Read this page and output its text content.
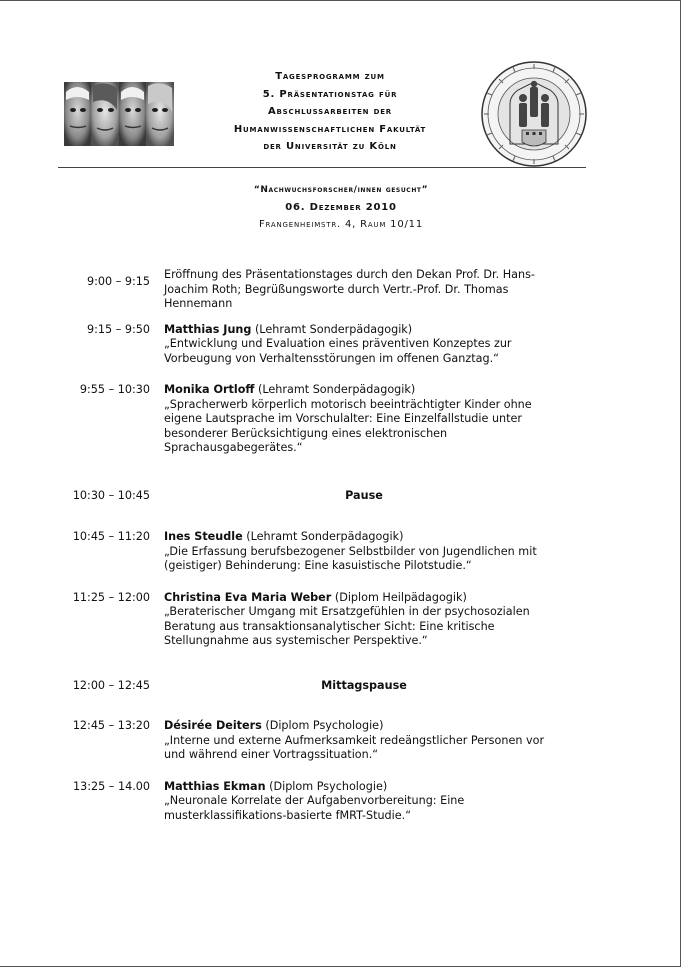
Tagesprogramm zum
5. Präsentationstag für
Abschlussarbeiten der
Humanwissenschaftlichen Fakultät
der Universität zu Köln
“Nachwuchsforscher/innen gesucht”
06. Dezember 2010
Frangenheimstr. 4, Raum 10/11
9:00 – 9:15
Eröffnung des Präsentationstages durch den Dekan Prof. Dr. Hans-Joachim Roth; Begrüßungsworte durch Vertr.-Prof. Dr. Thomas Hennemann
9:15 – 9:50 Matthias Jung (Lehramt Sonderpädagogik)
„Entwicklung und Evaluation eines präventiven Konzeptes zur Vorbeugung von Verhaltensstörungen im offenen Ganztag.“
9:55 – 10:30 Monika Ortloff (Lehramt Sonderpädagogik)
„Spracherwerb körperlich motorisch beeinträchtigter Kinder ohne eigene Lautsprache im Vorschulalter: Eine Einzelfallstudie unter besonderer Berücksichtigung eines elektronischen Sprachausgabegerätes.“
10:30 – 10:45	Pause
10:45 – 11:20 Ines Steudle (Lehramt Sonderpädagogik)
„Die Erfassung berufsbezogener Selbstbilder von Jugendlichen mit (geistiger) Behinderung: Eine kasuistische Pilotstudie.“
11:25 – 12:00 Christina Eva Maria Weber (Diplom Heilpädagogik)
„Beraterischer Umgang mit Ersatzgefühlen in der psychosozialen Beratung aus transaktionsanalytischer Sicht: Eine kritische Stellungnahme aus systemischer Perspektive.“
12:00 – 12:45	Mittagspause
12:45 – 13:20 Désirée Deiters (Diplom Psychologie)
„Interne und externe Aufmerksamkeit redeängstlicher Personen vor und während einer Vortragssituation.“
13:25 – 14.00 Matthias Ekman (Diplom Psychologie)
„Neuronale Korrelate der Aufgabenvorbereitung: Eine musterklassifikations-basierte fMRT-Studie.“
